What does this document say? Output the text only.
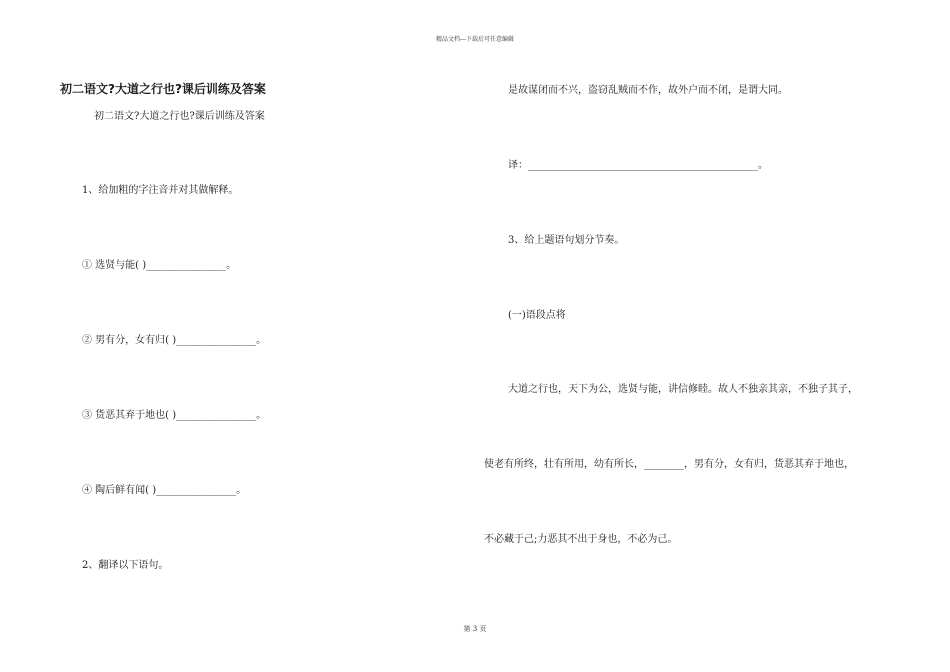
精品文档---下载后可任意编辑
初二语文?大道之行也?课后训练及答案
初二语文?大道之行也?课后训练及答案
1、给加粗的字注音并对其做解释。
① 选贤与能( )________________。
② 男有分，女有归( )________________。
③ 货恶其弃于地也( )________________。
④ 陶后鲜有闻( )________________。
2、翻译以下语句。
是故谋闭而不兴，盗窃乱贼而不作，故外户而不闭，是谓大同。
译：______________________________________________。
3、给上题语句划分节奏。
(一)语段点将
大道之行也，天下为公，选贤与能，讲信修睦。故人不独亲其亲，不独子其子，
使老有所终，壮有所用，幼有所长，________，男有分，女有归，货恶其弃于地也，
不必藏于己;力恶其不出于身也，不必为己。
第 3 页
